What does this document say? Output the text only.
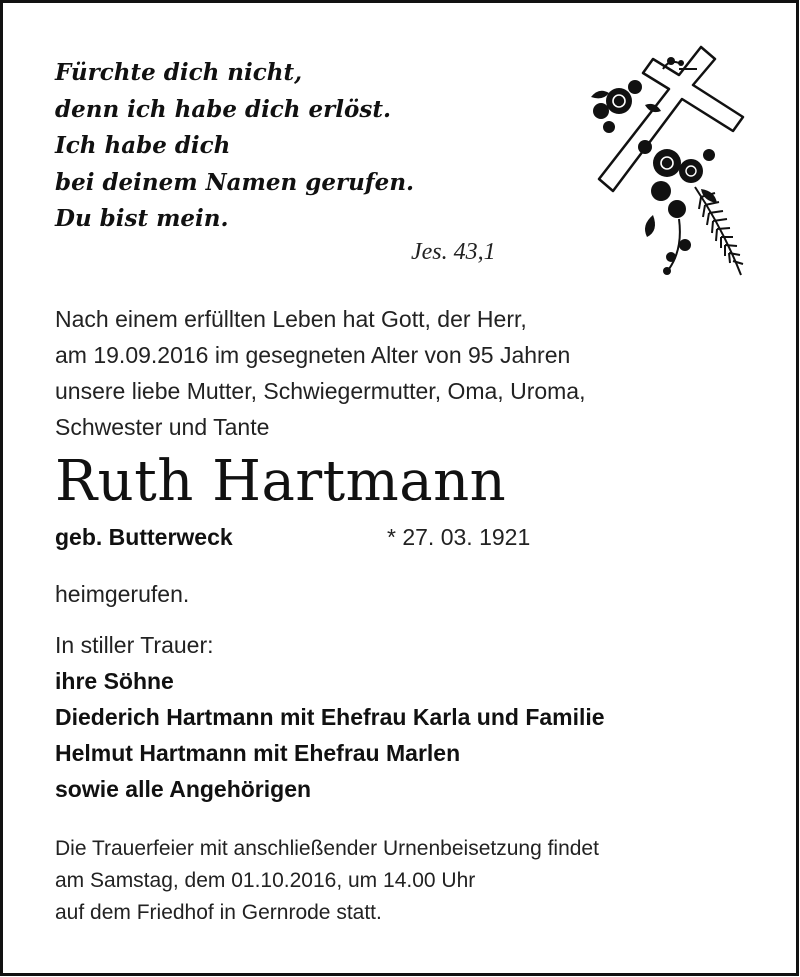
Fürchte dich nicht,
denn ich habe dich erlöst.
Ich habe dich
bei deinem Namen gerufen.
Du bist mein.
Jes. 43,1
Nach einem erfüllten Leben hat Gott, der Herr,
am 19.09.2016 im gesegneten Alter von 95 Jahren
unsere liebe Mutter, Schwiegermutter, Oma, Uroma,
Schwester und Tante
Ruth Hartmann
geb. Butterweck	* 27. 03. 1921
heimgerufen.
In stiller Trauer:
ihre Söhne
Diederich Hartmann mit Ehefrau Karla und Familie
Helmut Hartmann mit Ehefrau Marlen
sowie alle Angehörigen
Die Trauerfeier mit anschließender Urnenbeisetzung findet
am Samstag, dem 01.10.2016, um 14.00 Uhr
auf dem Friedhof in Gernrode statt.
